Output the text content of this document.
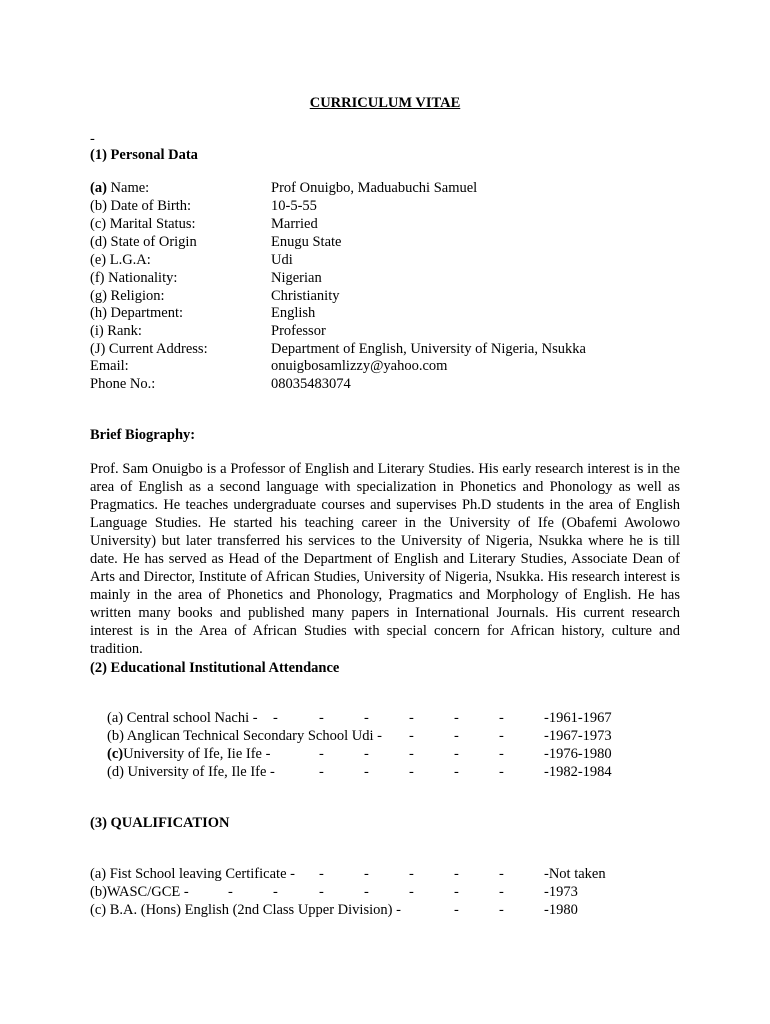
CURRICULUM VITAE
-
(1) Personal Data
(a) Name:	Prof Onuigbo, Maduabuchi Samuel
(b) Date of Birth:	10-5-55
(c) Marital Status:	Married
(d) State of Origin	Enugu State
(e) L.G.A:	Udi
(f) Nationality:	Nigerian
(g) Religion:	Christianity
(h) Department:	English
(i) Rank:	Professor
(J) Current Address:	Department of English, University of Nigeria, Nsukka
Email:	onuigbosamlizzy@yahoo.com
Phone No.:	08035483074
Brief Biography:
Prof. Sam Onuigbo is a Professor of English and Literary Studies. His early research interest is in the area of English as a second language with specialization in Phonetics and Phonology as well as Pragmatics. He teaches undergraduate courses and supervises Ph.D students in the area of English Language Studies. He started his teaching career in the University of Ife (Obafemi Awolowo University) but later transferred his services to the University of Nigeria, Nsukka where he is till date. He has served as Head of the Department of English and Literary Studies, Associate Dean of Arts and Director, Institute of African Studies, University of Nigeria, Nsukka. His research interest is mainly in the area of Phonetics and Phonology, Pragmatics and Morphology of English. He has written many books and published many papers in International Journals. His current research interest is in the Area of African Studies with special concern for African history, culture and tradition.
(2) Educational Institutional Attendance
(a) Central school Nachi - -	-	-	-	-	-	-1961-1967
(b) Anglican Technical Secondary School Udi - -	-	-	-1967-1973
(c) University of Ife, Iie Ife -	-	-	-	-	-	-1976-1980
(d) University of Ife, Ile Ife -	-	-	-	-	-	-1982-1984
(3) QUALIFICATION
(a) Fist School leaving Certificate - -	-	-	-	-	-Not taken
(b)WASC/GCE -	-	-	-	-	-	-	-	-1973
(c) B.A. (Hons) English (2nd Class Upper Division) -	-	-	-1980
